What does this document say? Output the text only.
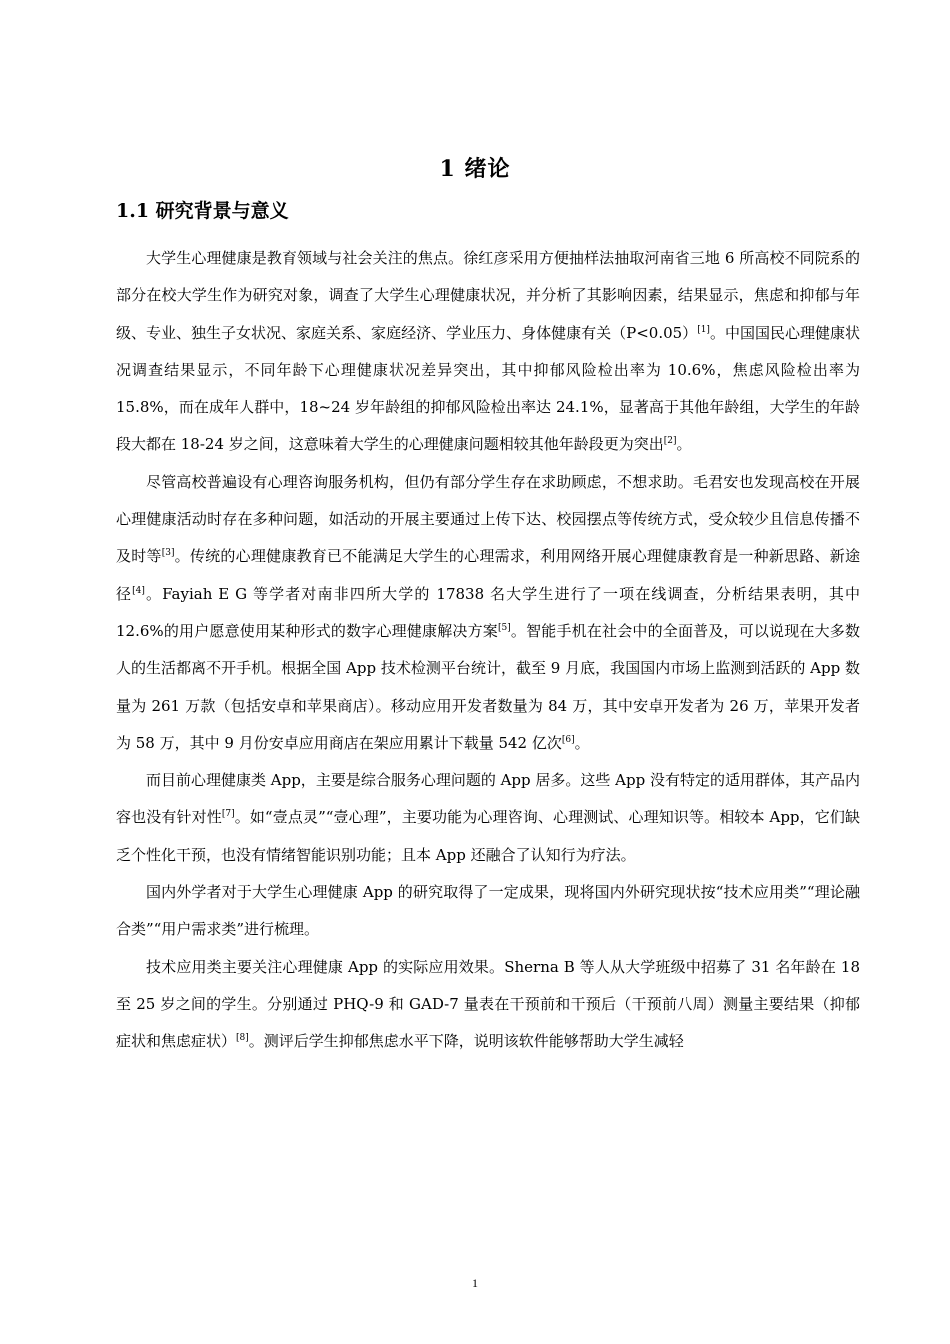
1 绪论
1.1 研究背景与意义

大学生心理健康是教育领域与社会关注的焦点。徐红彦采用方便抽样法抽取河南省三地 6 所高校不同院系的部分在校大学生作为研究对象，调查了大学生心理健康状况，并分析了其影响因素，结果显示，焦虑和抑郁与年级、专业、独生子女状况、家庭关系、家庭经济、学业压力、身体健康有关（P<0.05）[1]。中国国民心理健康状况调查结果显示，不同年龄下心理健康状况差异突出，其中抑郁风险检出率为 10.6%，焦虑风险检出率为 15.8%，而在成年人群中，18~24 岁年龄组的抑郁风险检出率达 24.1%，显著高于其他年龄组，大学生的年龄段大都在 18-24 岁之间，这意味着大学生的心理健康问题相较其他年龄段更为突出[2]。

尽管高校普遍设有心理咨询服务机构，但仍有部分学生存在求助顾虑，不想求助。毛君安也发现高校在开展心理健康活动时存在多种问题，如活动的开展主要通过上传下达、校园摆点等传统方式，受众较少且信息传播不及时等[3]。传统的心理健康教育已不能满足大学生的心理需求，利用网络开展心理健康教育是一种新思路、新途径[4]。Fayiah E G 等学者对南非四所大学的 17838 名大学生进行了一项在线调查，分析结果表明，其中 12.6%的用户愿意使用某种形式的数字心理健康解决方案[5]。智能手机在社会中的全面普及，可以说现在大多数人的生活都离不开手机。根据全国 App 技术检测平台统计，截至 9 月底，我国国内市场上监测到活跃的 App 数量为 261 万款（包括安卓和苹果商店）。移动应用开发者数量为 84 万，其中安卓开发者为 26 万，苹果开发者为 58 万，其中 9 月份安卓应用商店在架应用累计下载量 542 亿次[6]。

而目前心理健康类 App，主要是综合服务心理问题的 App 居多。这些 App 没有特定的适用群体，其产品内容也没有针对性[7]。如“壹点灵”“壹心理”，主要功能为心理咨询、心理测试、心理知识等。相较本 App，它们缺乏个性化干预，也没有情绪智能识别功能；且本 App 还融合了认知行为疗法。

国内外学者对于大学生心理健康 App 的研究取得了一定成果，现将国内外研究现状按“技术应用类”“理论融合类”“用户需求类”进行梳理。

技术应用类主要关注心理健康 App 的实际应用效果。Sherna B 等人从大学班级中招募了 31 名年龄在 18 至 25 岁之间的学生。分别通过 PHQ-9 和 GAD-7 量表在干预前和干预后（干预前八周）测量主要结果（抑郁症状和焦虑症状）[8]。测评后学生抑郁焦虑水平下降，说明该软件能够帮助大学生减轻

1
